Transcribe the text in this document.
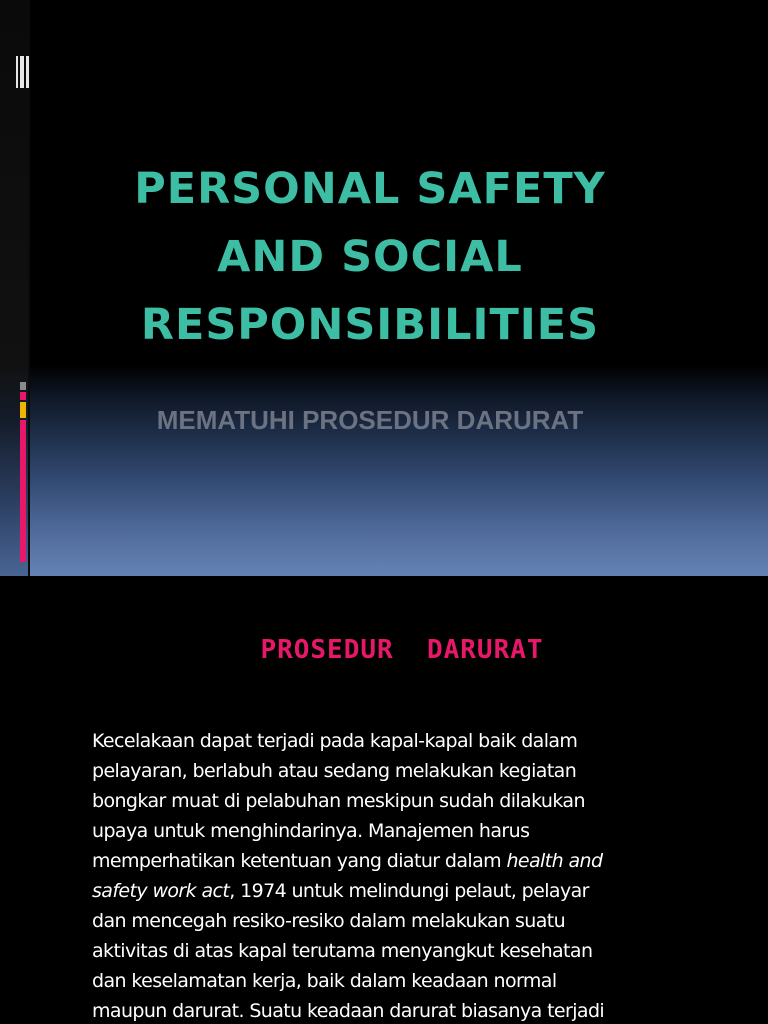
PERSONAL SAFETY
AND SOCIAL
RESPONSIBILITIES
MEMATUHI PROSEDUR DARURAT
PROSEDUR  DARURAT
Kecelakaan dapat terjadi pada kapal-kapal baik dalam
pelayaran, berlabuh atau sedang melakukan kegiatan
bongkar muat di pelabuhan meskipun sudah dilakukan
upaya untuk menghindarinya. Manajemen harus
memperhatikan ketentuan yang diatur dalam health and
safety work act, 1974 untuk melindungi pelaut, pelayar
dan mencegah resiko-resiko dalam melakukan suatu
aktivitas di atas kapal terutama menyangkut kesehatan
dan keselamatan kerja, baik dalam keadaan normal
maupun darurat. Suatu keadaan darurat biasanya terjadi
